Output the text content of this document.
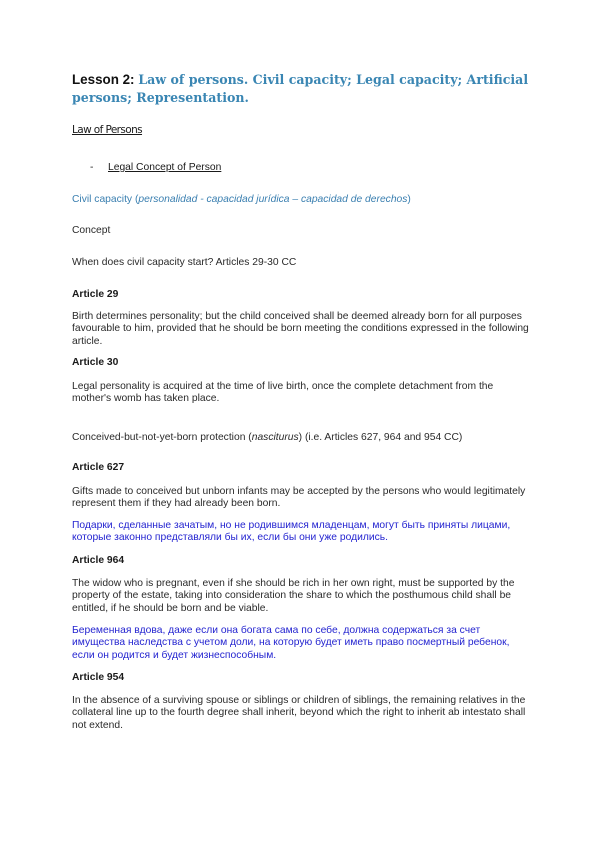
Lesson 2: Law of persons. Civil capacity; Legal capacity; Artificial persons; Representation.
Law of Persons
- Legal Concept of Person
Civil capacity (personalidad - capacidad jurídica – capacidad de derechos)
Concept
When does civil capacity start? Articles 29-30 CC
Article 29
Birth determines personality; but the child conceived shall be deemed already born for all purposes favourable to him, provided that he should be born meeting the conditions expressed in the following article.
Article 30
Legal personality is acquired at the time of live birth, once the complete detachment from the mother's womb has taken place.
Conceived-but-not-yet-born protection (nasciturus) (i.e. Articles 627, 964 and 954 CC)
Article 627
Gifts made to conceived but unborn infants may be accepted by the persons who would legitimately represent them if they had already been born.
Подарки, сделанные зачатым, но не родившимся младенцам, могут быть приняты лицами, которые законно представляли бы их, если бы они уже родились.
Article 964
The widow who is pregnant, even if she should be rich in her own right, must be supported by the property of the estate, taking into consideration the share to which the posthumous child shall be entitled, if he should be born and be viable.
Беременная вдова, даже если она богата сама по себе, должна содержаться за счет имущества наследства с учетом доли, на которую будет иметь право посмертный ребенок, если он родится и будет жизнеспособным.
Article 954
In the absence of a surviving spouse or siblings or children of siblings, the remaining relatives in the collateral line up to the fourth degree shall inherit, beyond which the right to inherit ab intestato shall not extend.
